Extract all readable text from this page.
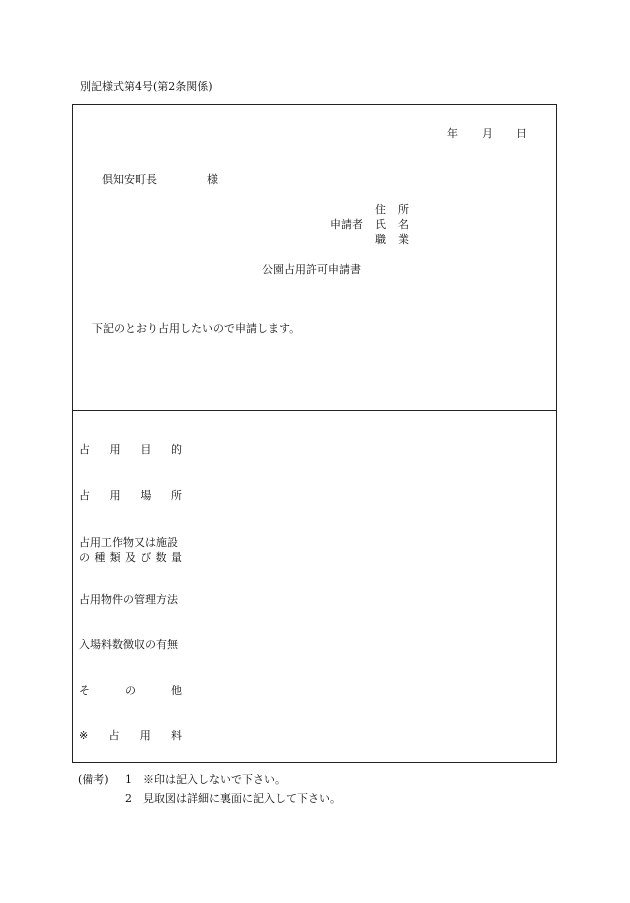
別記様式第4号(第2条関係)
年 月 日
倶知安町長	様
住 所
申請者 氏 名
職 業
公園占用許可申請書
下記のとおり占用したいので申請します。
占 用 目 的
占 用 場 所
占用工作物又は施設
の 種 類 及 び 数 量
占用物件の管理方法
入場料数徴収の有無
そ	の	他
※ 占 用 料
(備考) 1 ※印は記入しないで下さい。
2 見取図は詳細に裏面に記入して下さい。
